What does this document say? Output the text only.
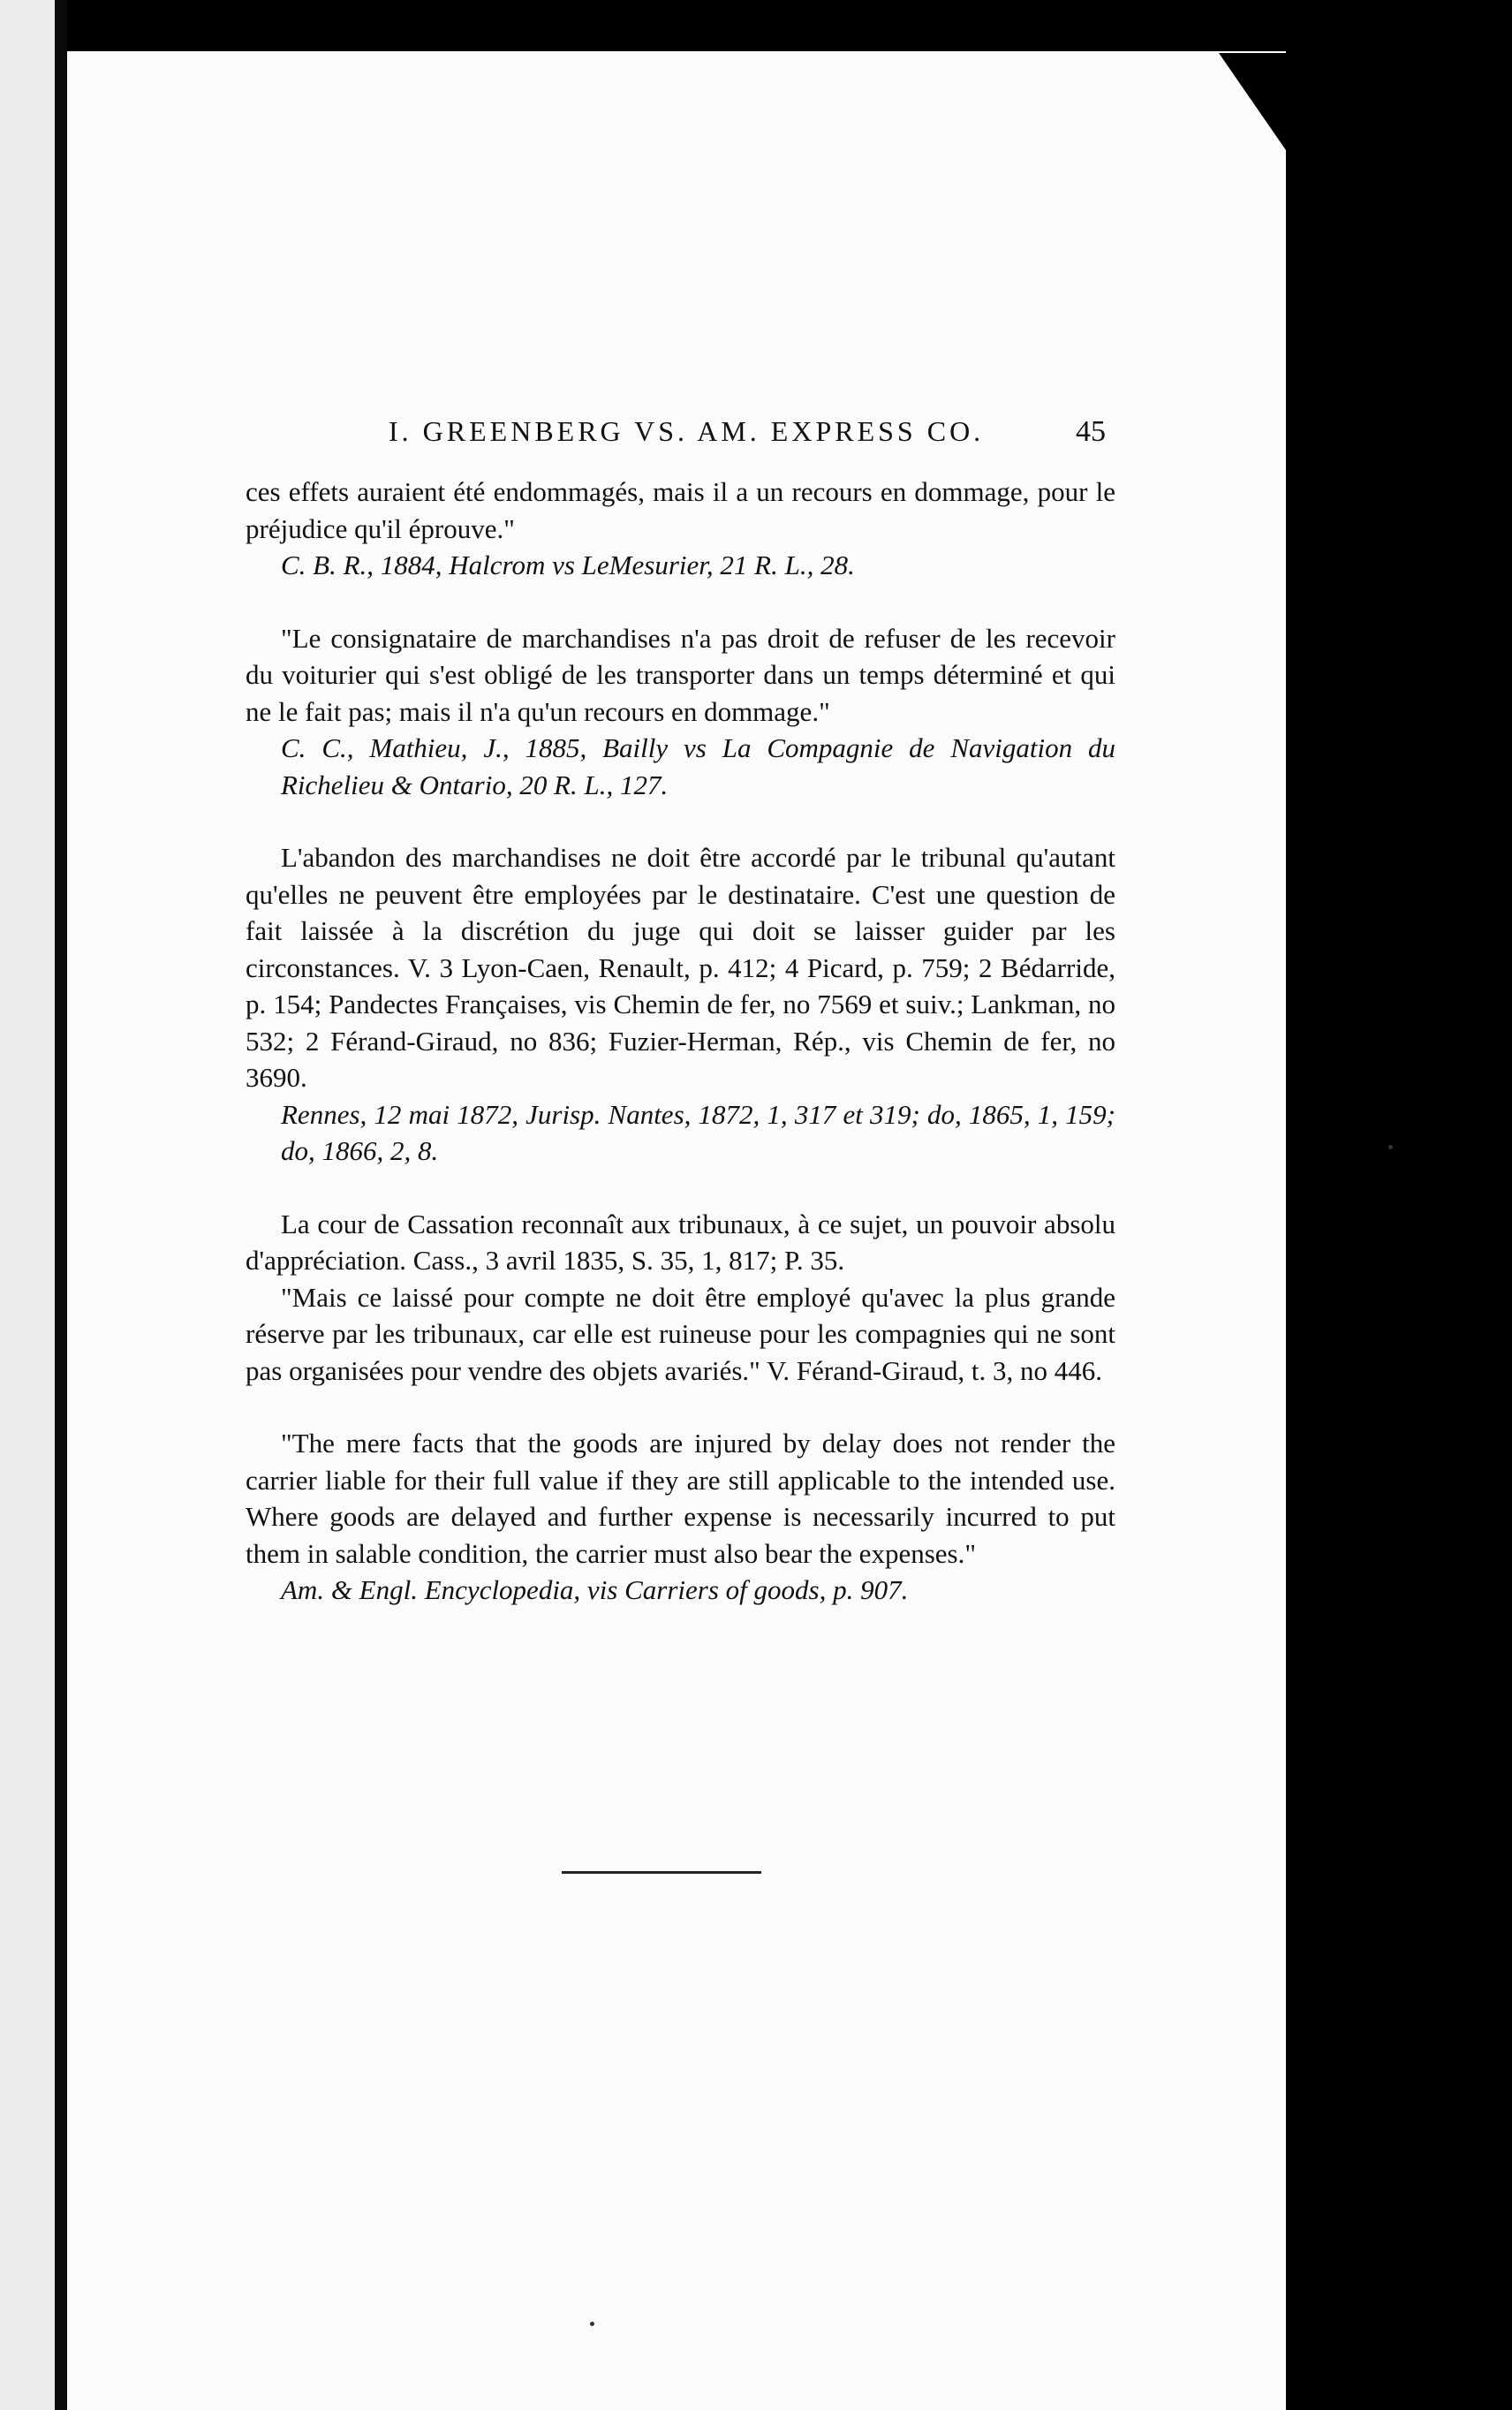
I. GREENBERG VS. AM. EXPRESS CO.	45

ces effets auraient été endommagés, mais il a un recours en dommage, pour le préjudice qu'il éprouve."

C. B. R., 1884, Halcrom vs LeMesurier, 21 R. L., 28.

"Le consignataire de marchandises n'a pas droit de refuser de les recevoir du voiturier qui s'est obligé de les transporter dans un temps déterminé et qui ne le fait pas; mais il n'a qu'un recours en dommage."

C. C., Mathieu, J., 1885, Bailly vs La Compagnie de Navigation du Richelieu & Ontario, 20 R. L., 127.

L'abandon des marchandises ne doit être accordé par le tribunal qu'autant qu'elles ne peuvent être employées par le destinataire. C'est une question de fait laissée à la discrétion du juge qui doit se laisser guider par les circonstances. V. 3 Lyon-Caen, Renault, p. 412; 4 Picard, p. 759; 2 Bédarride, p. 154; Pandectes Françaises, vis Chemin de fer, no 7569 et suiv.; Lankman, no 532; 2 Férand-Giraud, no 836; Fuzier-Herman, Rép., vis Chemin de fer, no 3690.

Rennes, 12 mai 1872, Jurisp. Nantes, 1872, 1, 317 et 319; do, 1865, 1, 159; do, 1866, 2, 8.

La cour de Cassation reconnaît aux tribunaux, à ce sujet, un pouvoir absolu d'appréciation. Cass., 3 avril 1835, S. 35, 1, 817; P. 35.

"Mais ce laissé pour compte ne doit être employé qu'avec la plus grande réserve par les tribunaux, car elle est ruineuse pour les compagnies qui ne sont pas organisées pour vendre des objets avariés." V. Férand-Giraud, t. 3, no 446.

"The mere facts that the goods are injured by delay does not render the carrier liable for their full value if they are still applicable to the intended use. Where goods are delayed and further expense is necessarily incurred to put them in salable condition, the carrier must also bear the expenses."

Am. & Engl. Encyclopedia, vis Carriers of goods, p. 907.
